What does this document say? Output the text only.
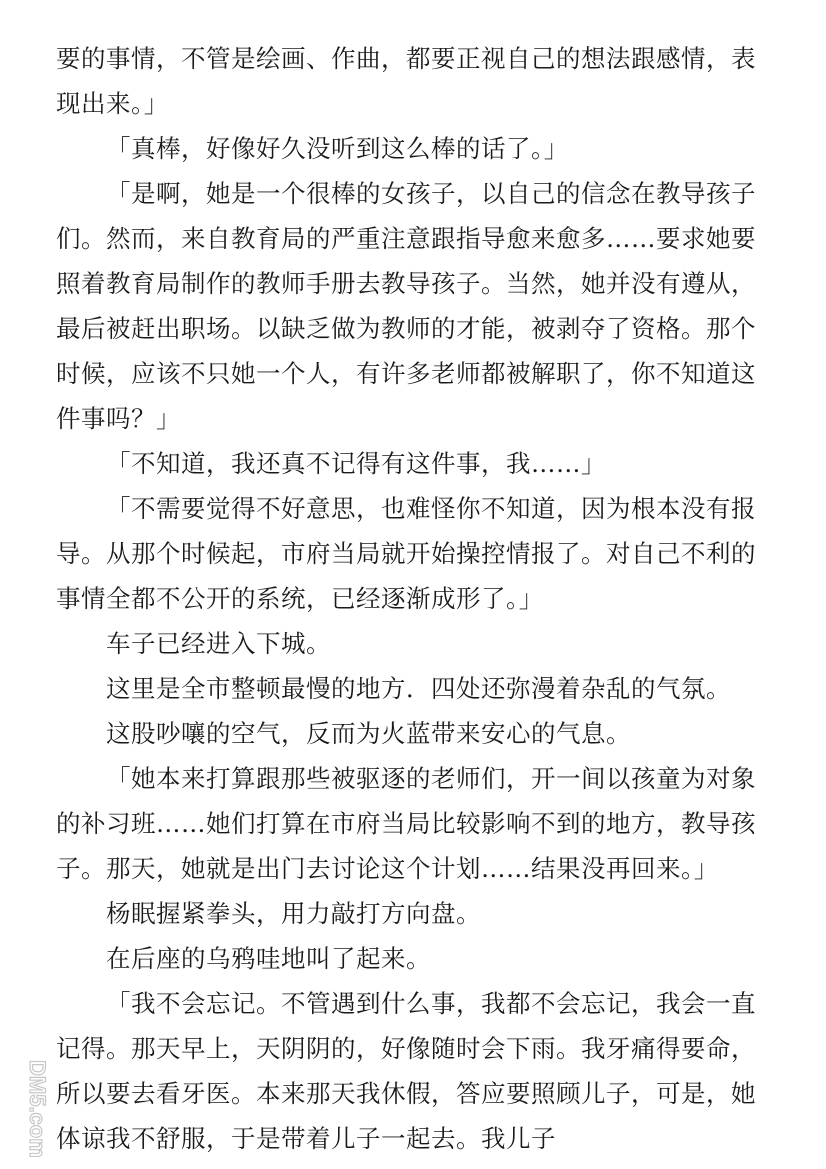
要的事情，不管是绘画、作曲，都要正视自己的想法跟感情，表现出来。」

「真棒，好像好久没听到这么棒的话了。」

「是啊，她是一个很棒的女孩子，以自己的信念在教导孩子们。然而，来自教育局的严重注意跟指导愈来愈多……要求她要照着教育局制作的教师手册去教导孩子。当然，她并没有遵从，最后被赶出职场。以缺乏做为教师的才能，被剥夺了资格。那个时候，应该不只她一个人，有许多老师都被解职了，你不知道这件事吗？」

「不知道，我还真不记得有这件事，我……」

「不需要觉得不好意思，也难怪你不知道，因为根本没有报导。从那个时候起，市府当局就开始操控情报了。对自己不利的事情全都不公开的系统，已经逐渐成形了。」

车子已经进入下城。

这里是全市整顿最慢的地方．四处还弥漫着杂乱的气氛。

这股吵嚷的空气，反而为火蓝带来安心的气息。

「她本来打算跟那些被驱逐的老师们，开一间以孩童为对象的补习班……她们打算在市府当局比较影响不到的地方，教导孩子。那天，她就是出门去讨论这个计划……结果没再回来。」

杨眠握紧拳头，用力敲打方向盘。

在后座的乌鸦哇地叫了起来。

「我不会忘记。不管遇到什么事，我都不会忘记，我会一直记得。那天早上，天阴阴的，好像随时会下雨。我牙痛得要命，所以要去看牙医。本来那天我休假，答应要照顾儿子，可是，她体谅我不舒服，于是带着儿子一起去。我儿子

DM5.com
